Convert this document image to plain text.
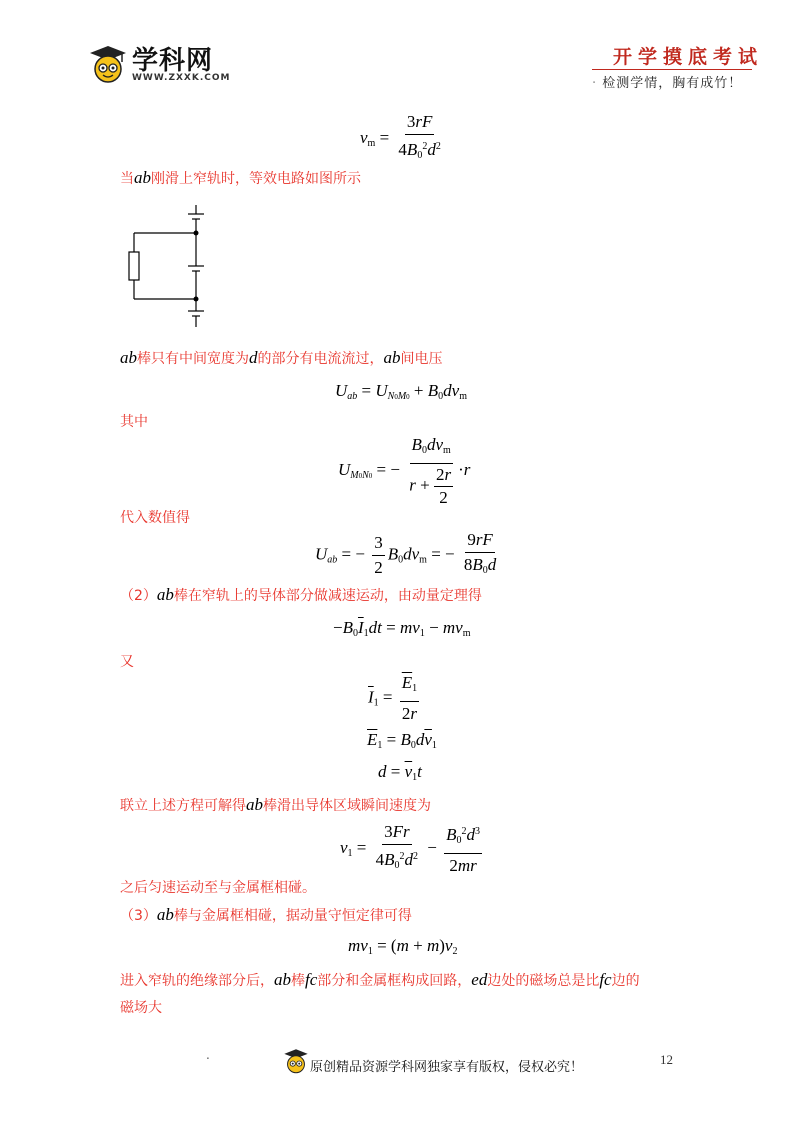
学科网
WWW.ZXXK.COM
开学摸底考试
· 检测学情，胸有成竹！
$v_m = \frac{3rF}{4B_0^2d^2}$
当ab刚滑上窄轨时，等效电路如图所示
ab棒只有中间宽度为d的部分有电流流过，ab间电压
$U_{ab} = U_{N0M0} + B_0dv_m$
其中
$U_{M0N0}$ = − $\frac{B_0dv_m}{r + \frac{2r}{2}} \cdot r$
代入数值得
$U_{ab}$ = − $\frac{3}{2} B_0dv_m$ = − $\frac{9rF}{8B_0d}$
（2）ab棒在窄轨上的导体部分做减速运动，由动量定理得
$-B_0\overline{I}_1dt = mv_1 - mv_m$
又
$\overline{I}_1 = \frac{\overline{E}_1}{2r}$
$\overline{E}_1 = B_0d\overline{v}_1$
$d = \overline{v}_1t$
联立上述方程可解得ab棒滑出导体区域瞬间速度为
$v_1 = \frac{3Fr}{4B_0^2d^2} - \frac{B_0^2d^3}{2mr}$
之后匀速运动至与金属框相碰。
（3）ab棒与金属框相碰，据动量守恒定律可得
$mv_1 = (m + m)v_2$
进入窄轨的绝缘部分后，ab棒fc部分和金属框构成回路，ed边处的磁场总是比fc边的
磁场大
.
原创精品资源学科网独家享有版权，侵权必究！
12
